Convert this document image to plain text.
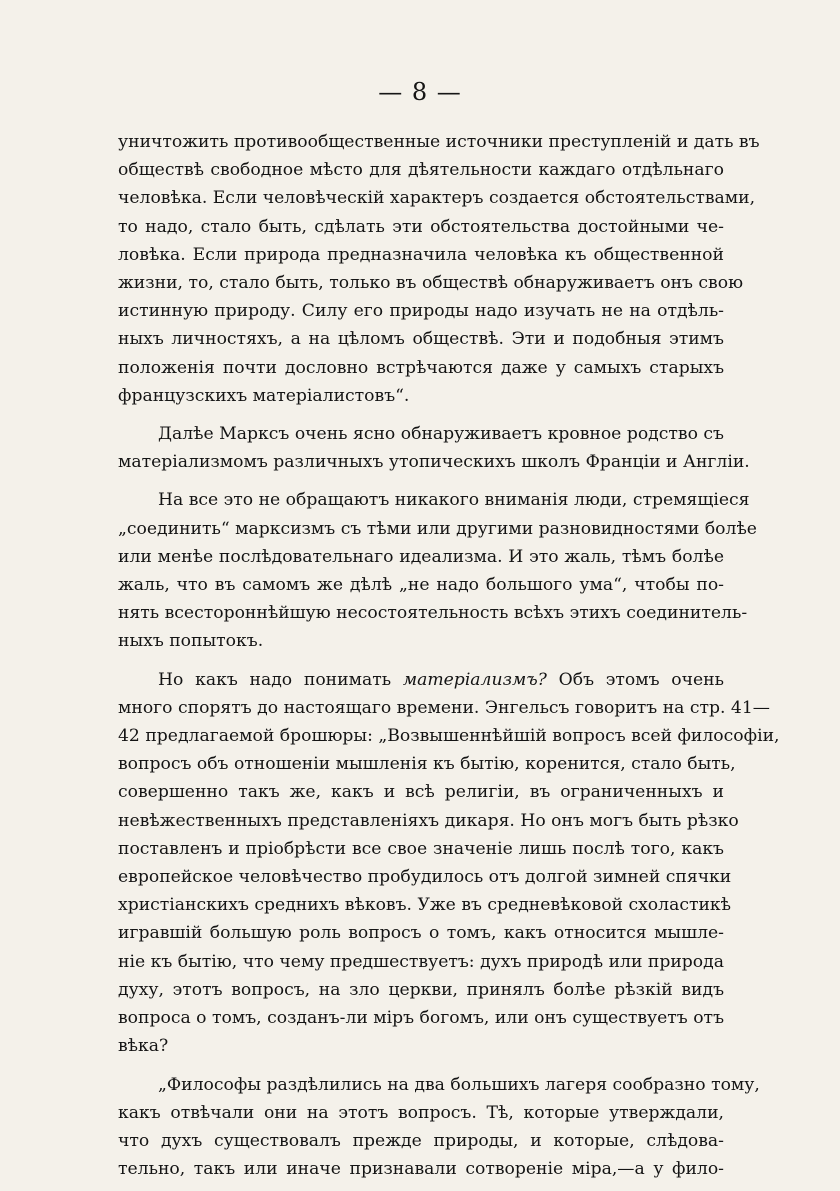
— 8 —
уничтожить противообщественные источники преступленій и дать въ
обществѣ свободное мѣсто для дѣятельности каждаго отдѣльнаго
человѣка. Если человѣческій характеръ создается обстоятельствами,
то надо, стало быть, сдѣлать эти обстоятельства достойными че-
ловѣка. Если природа предназначила человѣка къ общественной
жизни, то, стало быть, только въ обществѣ обнаруживаетъ онъ свою
истинную природу. Силу его природы надо изучать не на отдѣль-
ныхъ личностяхъ, а на цѣломъ обществѣ. Эти и подобныя этимъ
положенія почти дословно встрѣчаются даже у самыхъ старыхъ
французскихъ матеріалистовъ“.
Далѣе Марксъ очень ясно обнаруживаетъ кровное родство съ
матеріализмомъ различныхъ утопическихъ школъ Франціи и Англіи.
На все это не обращаютъ никакого вниманія люди, стремящіеся
„соединить“ марксизмъ съ тѣми или другими разновидностями болѣе
или менѣе послѣдовательнаго идеализма. И это жаль, тѣмъ болѣе
жаль, что въ самомъ же дѣлѣ „не надо большого ума“, чтобы по-
нять всестороннѣйшую несостоятельность всѣхъ этихъ соединитель-
ныхъ попытокъ.
Но какъ надо понимать матеріализмъ? Объ этомъ очень
много спорятъ до настоящаго времени. Энгельсъ говоритъ на стр. 41—
42 предлагаемой брошюры: „Возвышеннѣйшій вопросъ всей философіи,
вопросъ объ отношеніи мышленія къ бытію, коренится, стало быть,
совершенно такъ же, какъ и всѣ религіи, въ ограниченныхъ и
невѣжественныхъ представленіяхъ дикаря. Но онъ могъ быть рѣзко
поставленъ и пріобрѣсти все свое значеніе лишь послѣ того, какъ
европейское человѣчество пробудилось отъ долгой зимней спячки
христіанскихъ среднихъ вѣковъ. Уже въ средневѣковой схоластикѣ
игравшій большую роль вопросъ о томъ, какъ относится мышле-
ніе къ бытію, что чему предшествуетъ: духъ природѣ или природа
духу, этотъ вопросъ, на зло церкви, принялъ болѣе рѣзкій видъ
вопроса о томъ, созданъ-ли міръ богомъ, или онъ существуетъ отъ
вѣка?
„Философы раздѣлились на два большихъ лагеря сообразно тому,
какъ отвѣчали они на этотъ вопросъ. Тѣ, которые утверждали,
что духъ существовалъ прежде природы, и которые, слѣдова-
тельно, такъ или иначе признавали сотвореніе міра,—а у фило-
